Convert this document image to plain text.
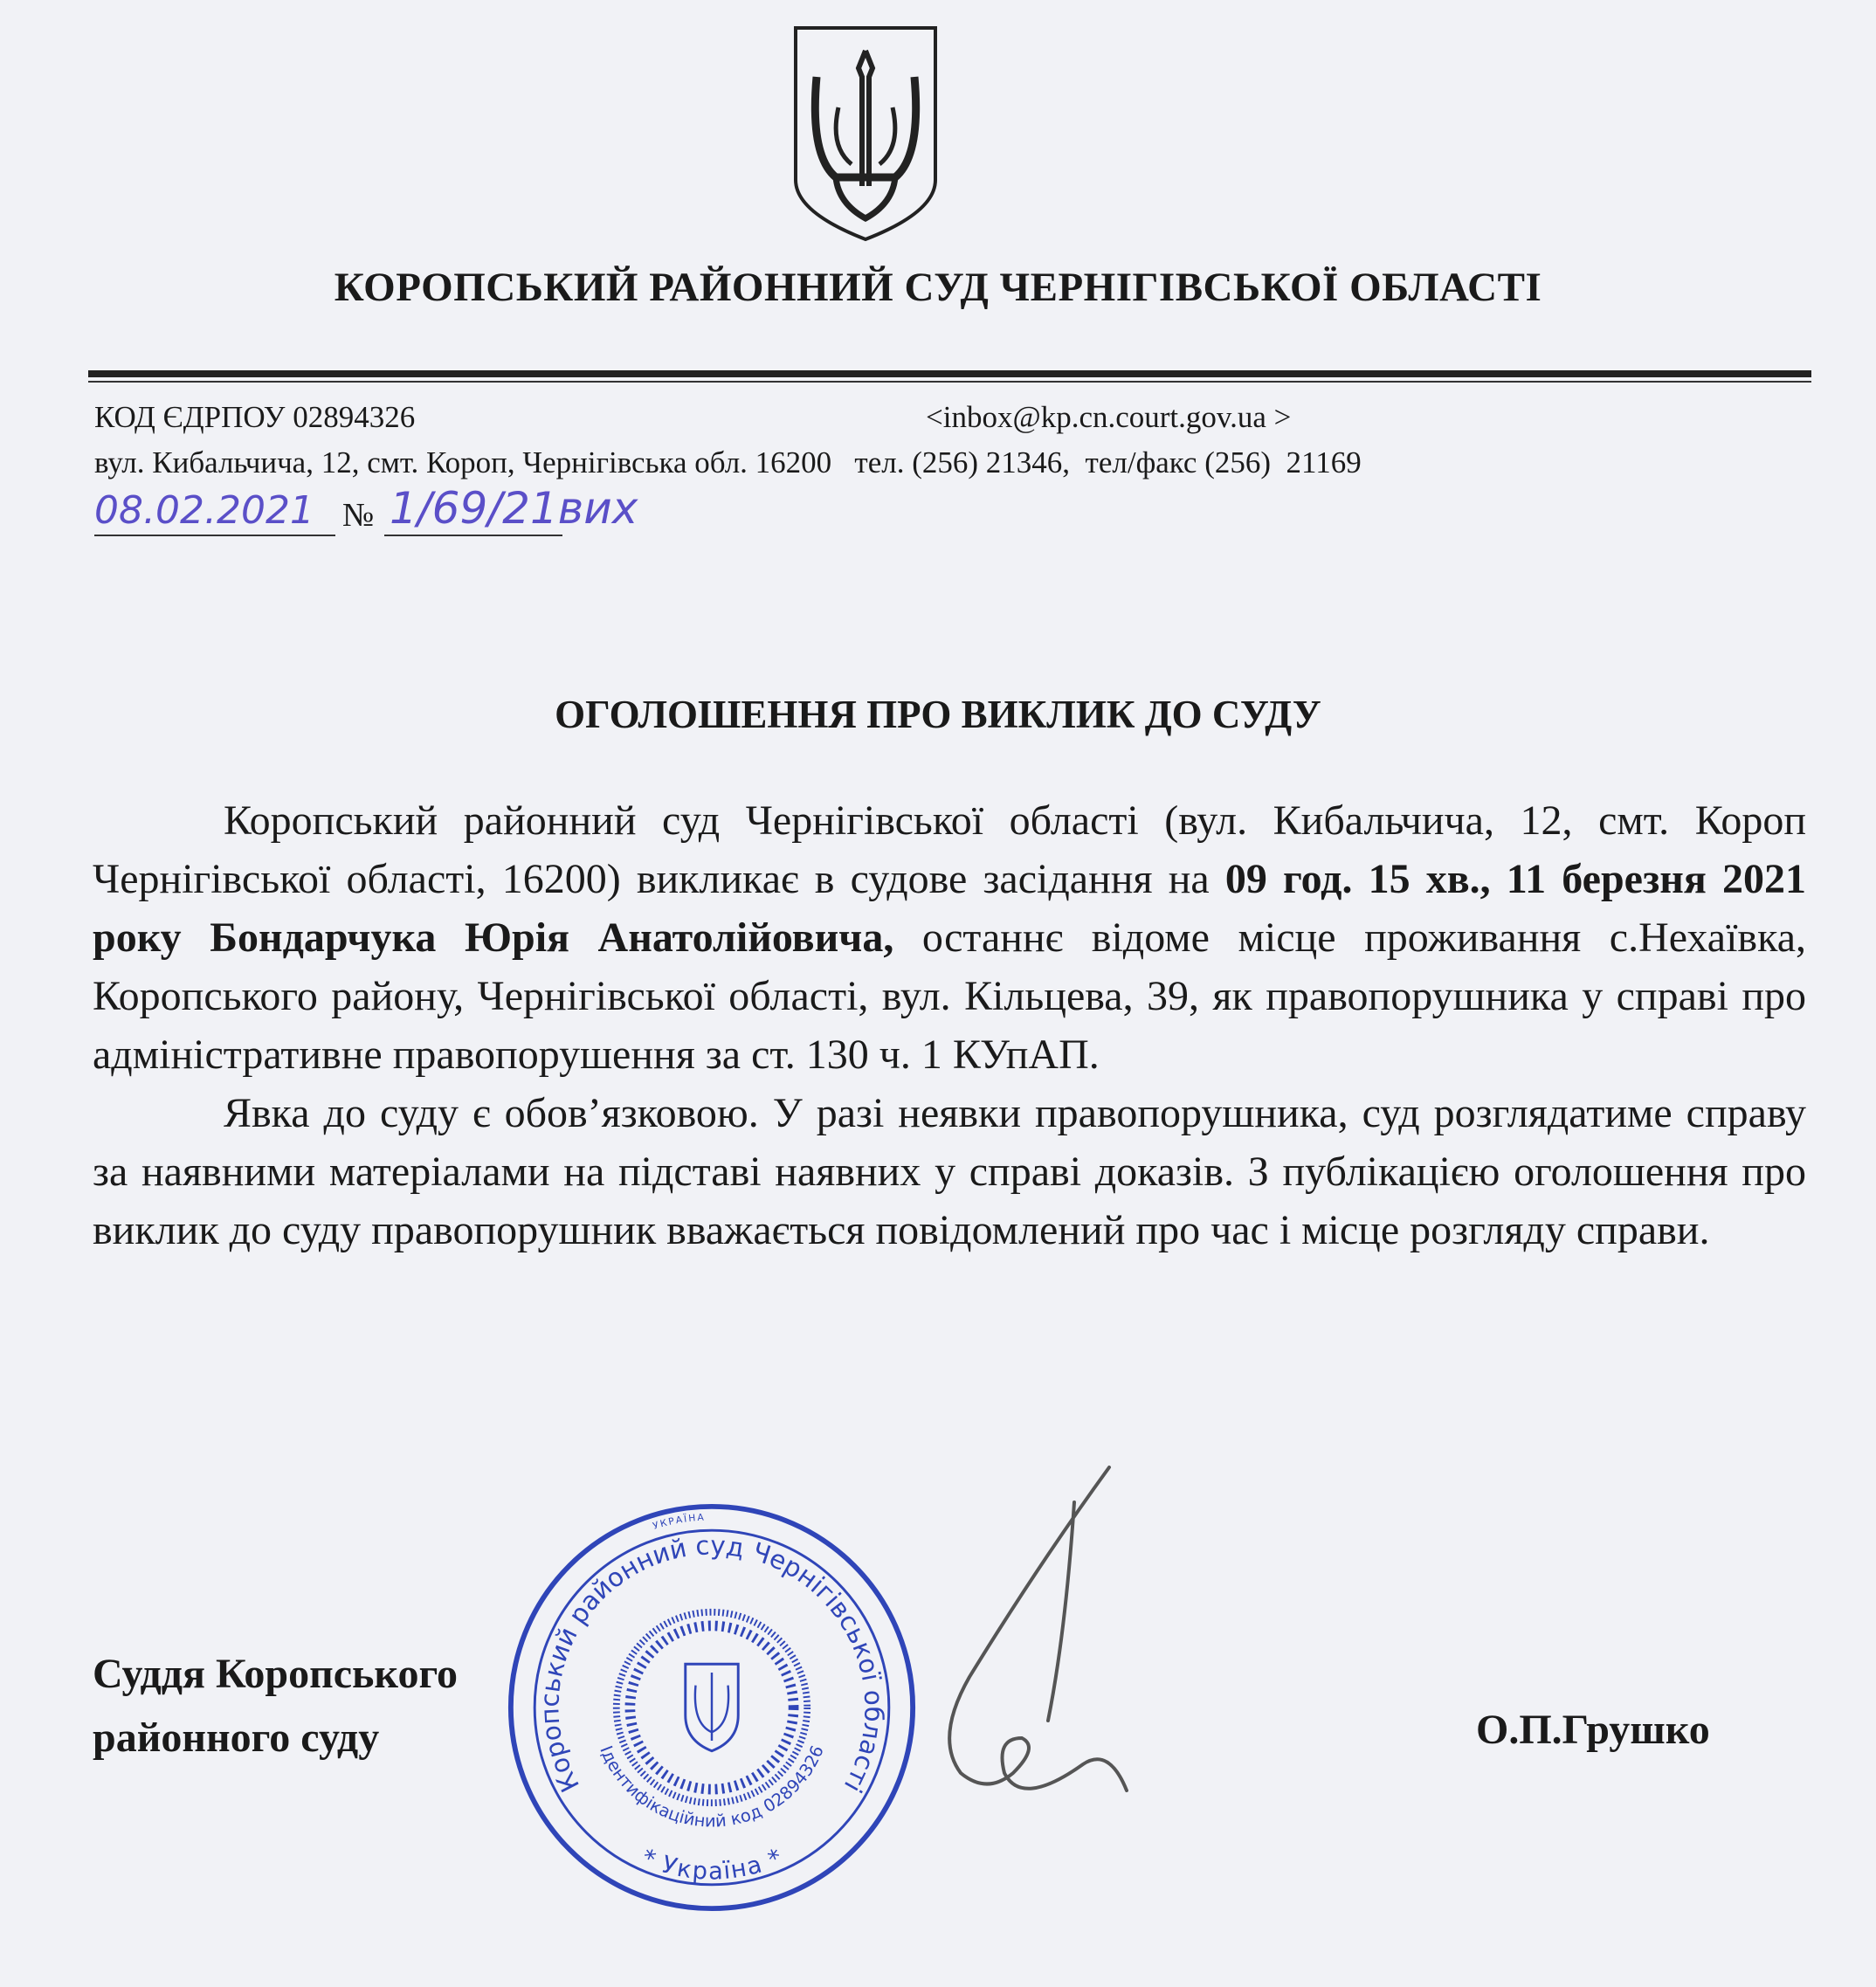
КОРОПСЬКИЙ РАЙОННИЙ СУД ЧЕРНІГІВСЬКОЇ ОБЛАСТІ
КОД ЄДРПОУ 02894326	<inbox@kp.cn.court.gov.ua >
вул. Кибальчича, 12, смт. Короп, Чернігівська обл. 16200   тел. (256) 21346,  тел/факс (256)  21169
08.02.2021 № 1/69/21вих
ОГОЛОШЕННЯ ПРО ВИКЛИК ДО СУДУ

Коропський районний суд Чернігівської області (вул. Кибальчича, 12, смт. Короп Чернігівської області, 16200) викликає в судове засідання на 09 год. 15 хв., 11 березня 2021 року Бондарчука Юрія Анатолійовича, останнє відоме місце проживання с.Нехаївка, Коропського району, Чернігівської області, вул. Кільцева, 39, як правопорушника у справі про адміністративне правопорушення за ст. 130 ч. 1 КУпАП.

Явка до суду є обов’язковою. У разі неявки правопорушника, суд розглядатиме справу за наявними матеріалами на підставі наявних у справі доказів. З публікацією оголошення про виклик до суду правопорушник вважається повідомлений про час і місце розгляду справи.

Суддя Коропського
районного суду	О.П.Грушко
УКРАЇНА
Коропський районний суд Чернігівської області
* Україна *
Ідентифікаційний код 02894326
